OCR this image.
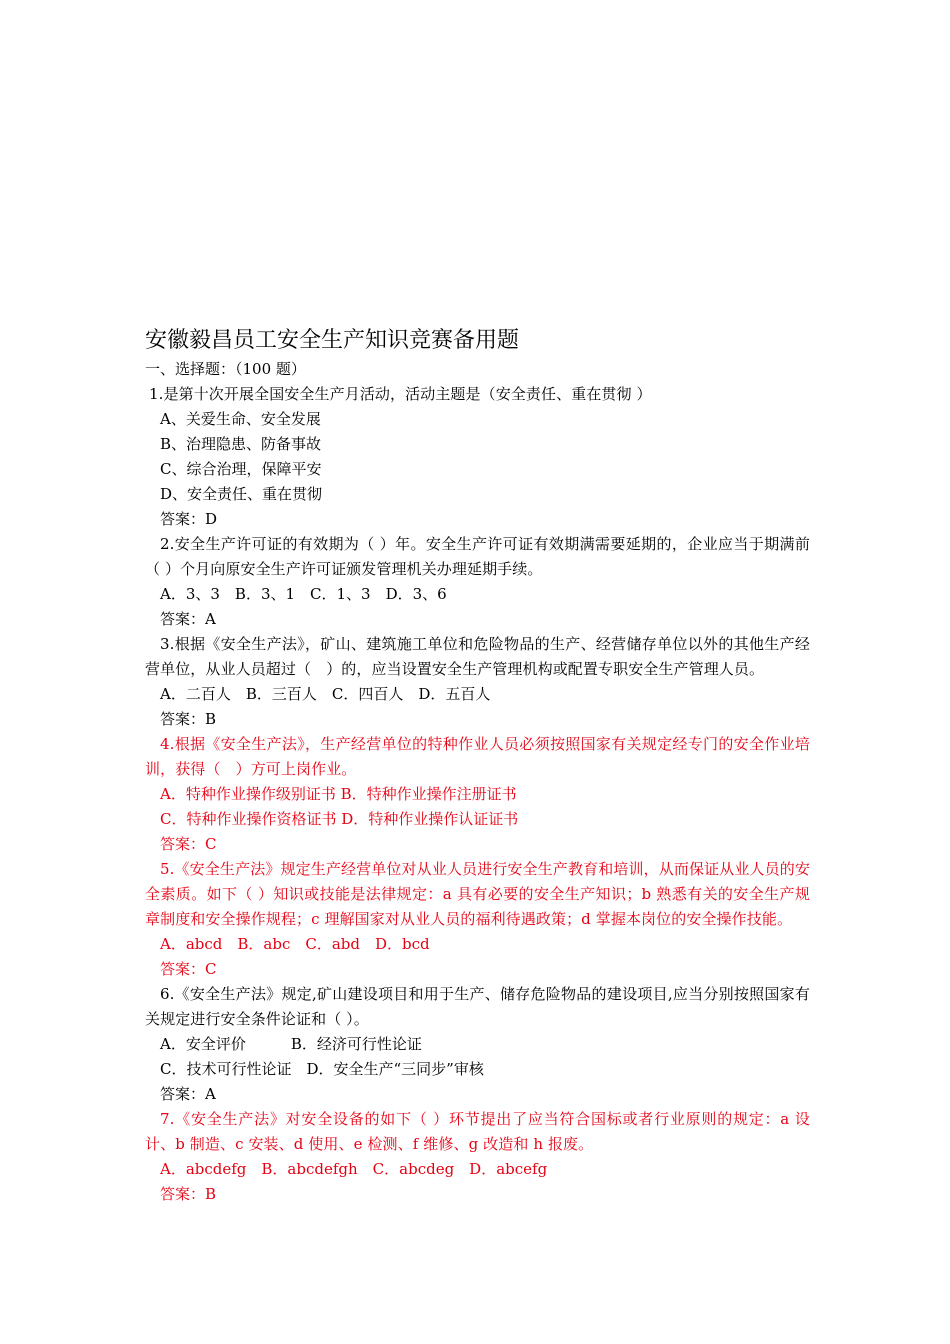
安徽毅昌员工安全生产知识竞赛备用题
一、选择题：（100 题）

1.是第十次开展全国安全生产月活动，活动主题是（安全责任、重在贯彻 ）

A、关爱生命、安全发展
B、治理隐患、防备事故
C、综合治理，保障平安
D、安全责任、重在贯彻
答案：D

2.安全生产许可证的有效期为（ ）年。安全生产许可证有效期满需要延期的，企业应当于期满前（ ）个月向原安全生产许可证颁发管理机关办理延期手续。

A．3、3　B．3、1　C．1、3　D．3、6
答案：A

3.根据《安全生产法》，矿山、建筑施工单位和危险物品的生产、经营储存单位以外的其他生产经营单位，从业人员超过（　）的，应当设置安全生产管理机构或配置专职安全生产管理人员。

A．二百人　B．三百人　C．四百人　D．五百人
答案：B

4.根据《安全生产法》，生产经营单位的特种作业人员必须按照国家有关规定经专门的安全作业培训，获得（　）方可上岗作业。

A．特种作业操作级别证书 B．特种作业操作注册证书
C．特种作业操作资格证书 D．特种作业操作认证证书
答案：C

5.《安全生产法》规定生产经营单位对从业人员进行安全生产教育和培训，从而保证从业人员的安全素质。如下（ ）知识或技能是法律规定：a 具有必要的安全生产知识；b 熟悉有关的安全生产规章制度和安全操作规程；c 理解国家对从业人员的福利待遇政策；d 掌握本岗位的安全操作技能。

A．abcd　B．abc　C．abd　D．bcd
答案：C

6.《安全生产法》规定,矿山建设项目和用于生产、储存危险物品的建设项目,应当分别按照国家有关规定进行安全条件论证和（ ）。

A．安全评价　　　B．经济可行性论证
C．技术可行性论证　D．安全生产“三同步”审核
答案：A

7.《安全生产法》对安全设备的如下（ ）环节提出了应当符合国标或者行业原则的规定：a 设计、b 制造、c 安装、d 使用、e 检测、f 维修、g 改造和 h 报废。

A．abcdefg　B．abcdefgh　C．abcdeg　D．abcefg
答案：B
